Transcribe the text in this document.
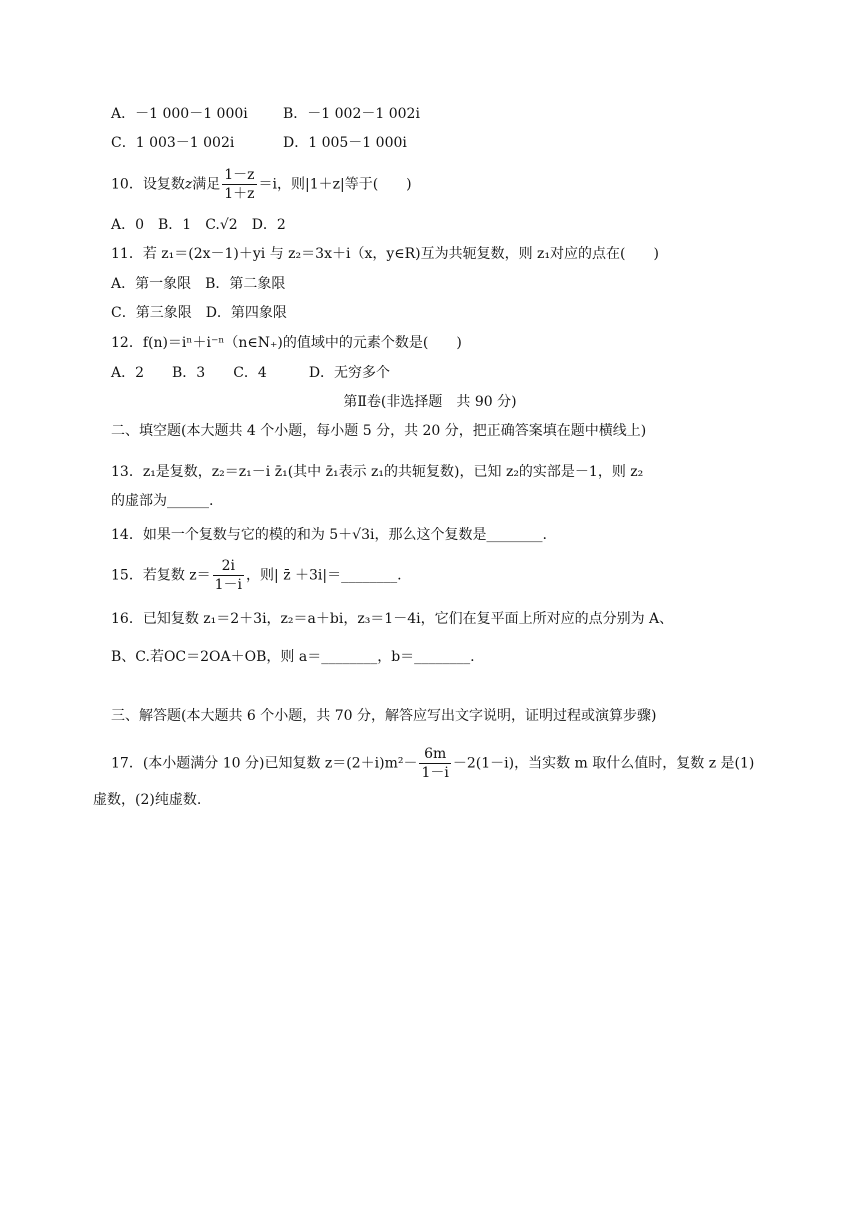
A．－1 000－1 000i	B．－1 002－1 002i
C．1 003－1 002i	D．1 005－1 000i
10．设复数z满足 $\frac{1-z}{1+z} =i$，则|1＋z|等于(　　)
A．0　B．1　C.√2　D．2
11．若 z₁＝(2x－1)＋yi 与 z₂＝3x＋i（x，y∈R)互为共轭复数，则 z₁对应的点在(　　)
A．第一象限　B．第二象限
C．第三象限　D．第四象限
12．f(n)＝iⁿ＋i⁻ⁿ（n∈N₊)的值域中的元素个数是(　　)
A．2　　B．3　　C．4　　　D．无穷多个
第Ⅱ卷(非选择题　共 90 分)
二、填空题(本大题共 4 个小题，每小题 5 分，共 20 分，把正确答案填在题中横线上)
13．z₁是复数，z₂＝z₁－i z̄₁(其中 z̄₁表示 z₁的共轭复数)，已知 z₂的实部是－1，则 z₂
的虚部为______.
14．如果一个复数与它的模的和为 5＋√3i，那么这个复数是________.
15．若复数 $z= \frac{2i}{1-i}$ ，则| z̄ ＋3i|＝________.
16．已知复数 z₁＝2＋3i，z₂＝a＋bi，z₃＝1－4i，它们在复平面上所对应的点分别为 A、
B、C.若OC＝2OA＋OB，则 a＝________，b＝________.
三、解答题(本大题共 6 个小题，共 70 分，解答应写出文字说明，证明过程或演算步骤)
17．(本小题满分 10 分)已知复数 $z=(2+i)m^2- \frac{6m}{1-i} -2(1-i)$，当实数 m 取什么值时，复数 z 是(1)
虚数，(2)纯虚数.
